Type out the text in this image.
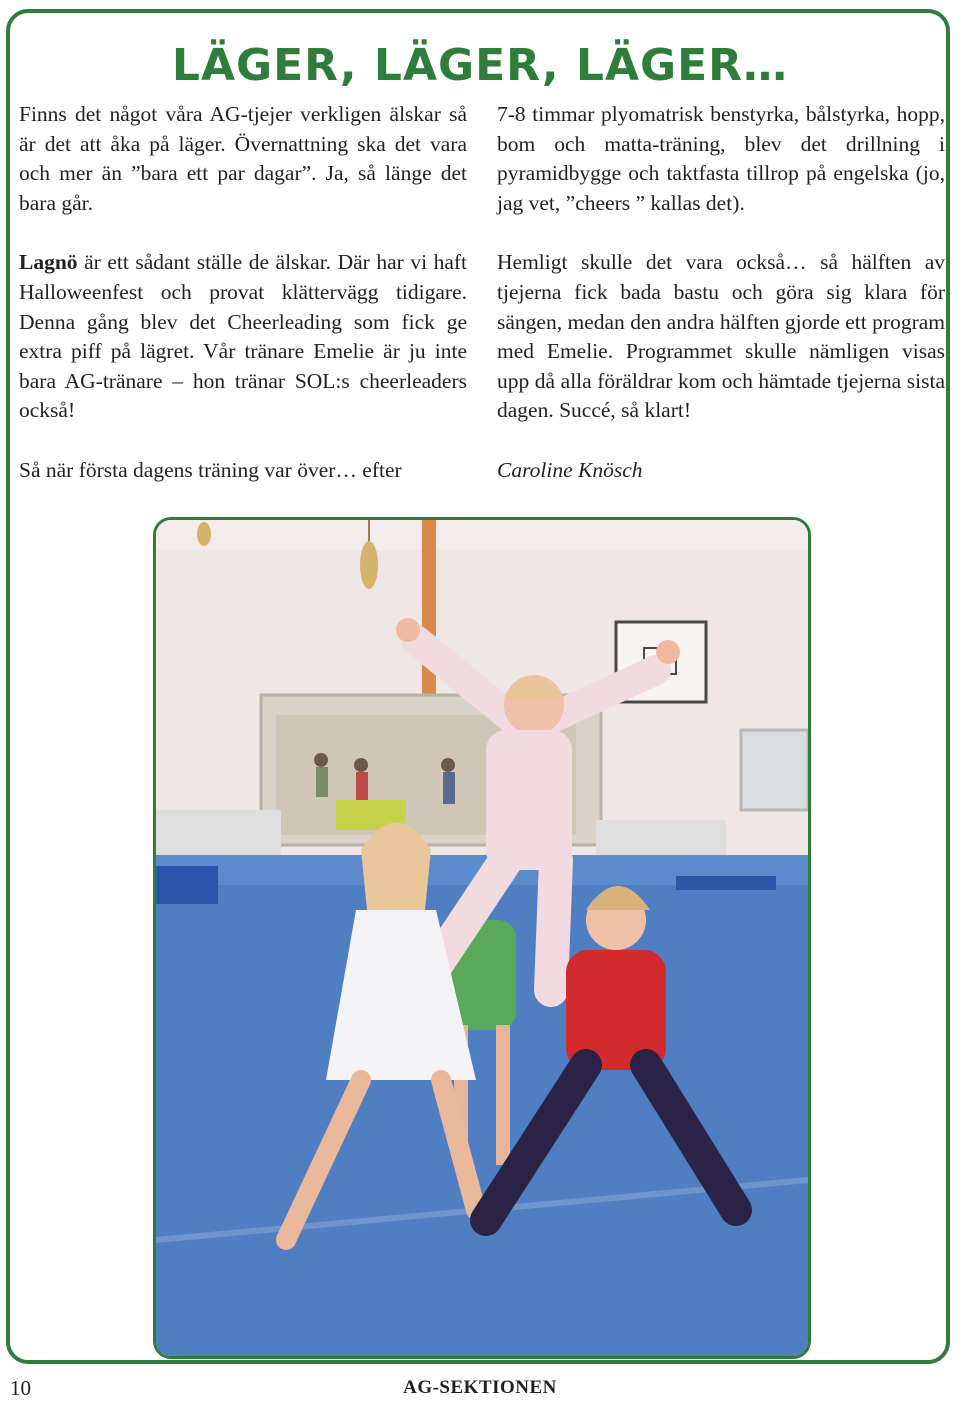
LÄGER, LÄGER, LÄGER…

Finns det något våra AG-tjejer verkligen älskar så är det att åka på läger. Övernattning ska det vara och mer än ”bara ett par dagar”. Ja, så länge det bara går.

Lagnö är ett sådant ställe de älskar. Där har vi haft Halloweenfest och provat klättervägg tidigare. Denna gång blev det Cheerleading som fick ge extra piff på lägret. Vår tränare Emelie är ju inte bara AG-tränare – hon tränar SOL:s cheerleaders också!

Så när första dagens träning var över… efter

7-8 timmar plyomatrisk benstyrka, bålstyrka, hopp, bom och matta-träning, blev det drillning i pyramidbygge och taktfasta tillrop på engelska (jo, jag vet, ”cheers ” kallas det).

Hemligt skulle det vara också… så hälften av tjejerna fick bada bastu och göra sig klara för sängen, medan den andra hälften gjorde ett program med Emelie. Programmet skulle nämligen visas upp då alla föräldrar kom och hämtade tjejerna sista dagen. Succé, så klart!

Caroline Knösch
10	AG-SEKTIONEN
